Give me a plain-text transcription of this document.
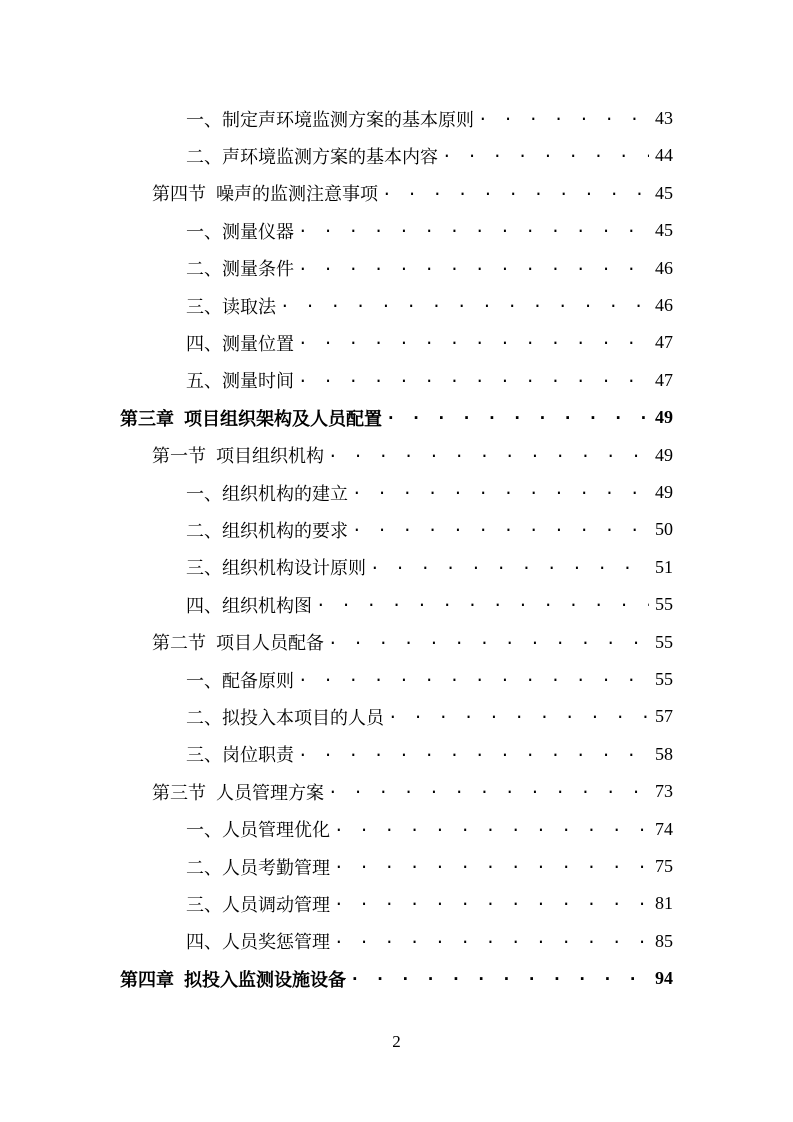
一、 制定声环境监测方案的基本原则 . . .	43
二、 声环境监测方案的基本内容 . . .	44
第四节 噪声的监测注意事项 . . .	45
一、 测量仪器 . . .	45
二、 测量条件 . . .	46
三、 读取法 . . .	46
四、 测量位置 . . .	47
五、 测量时间 . . .	47
第三章 项目组织架构及人员配置 . . .	49
第一节 项目组织机构 . . .	49
一、 组织机构的建立 . . .	49
二、 组织机构的要求 . . .	50
三、 组织机构设计原则 . . .	51
四、 组织机构图 . . .	55
第二节 项目人员配备 . . .	55
一、 配备原则 . . .	55
二、 拟投入本项目的人员 . . .	57
三、 岗位职责 . . .	58
第三节 人员管理方案 . . .	73
一、 人员管理优化 . . .	74
二、 人员考勤管理 . . .	75
三、 人员调动管理 . . .	81
四、 人员奖惩管理 . . .	85
第四章 拟投入监测设施设备 . . .	94
2
